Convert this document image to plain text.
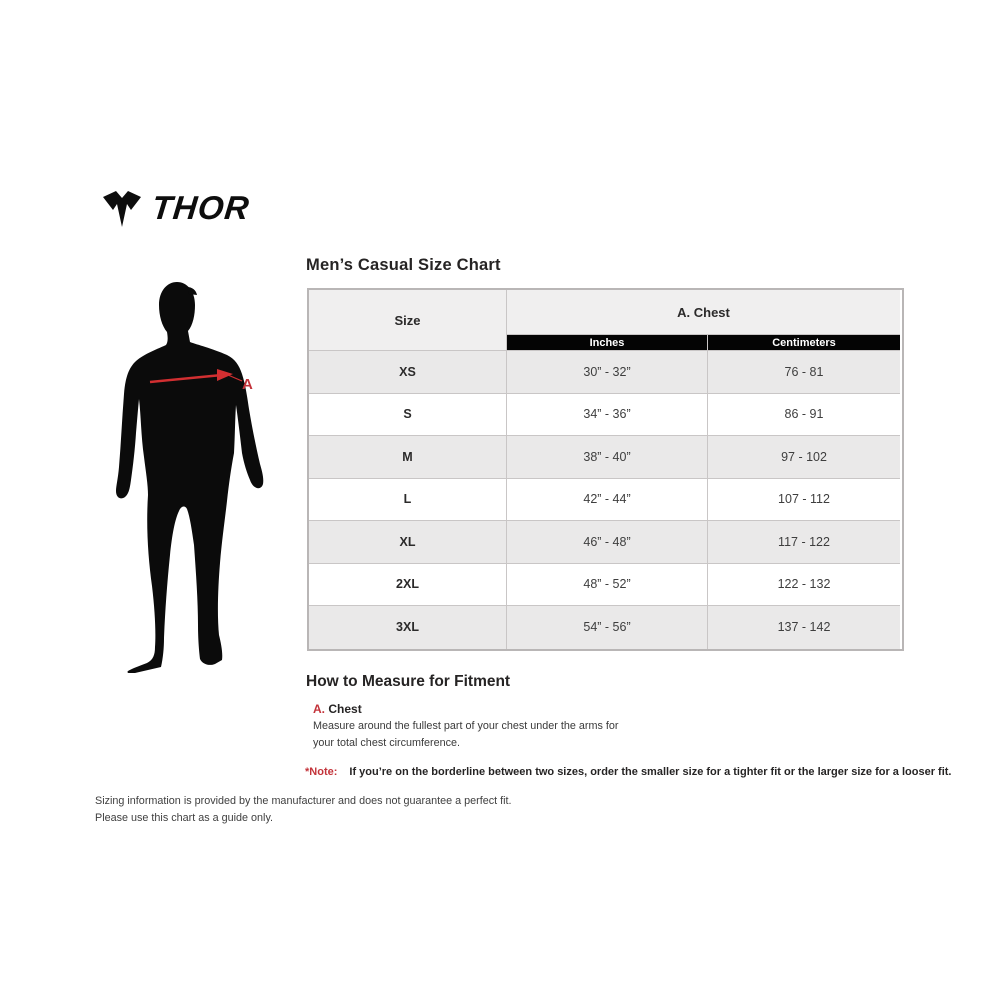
THOR
A
Men’s Casual Size Chart
Size
A. Chest
Inches	Centimeters
XS	30” - 32”	76 - 81
S	34” - 36”	86 - 91
M	38” - 40”	97 - 102
L	42” - 44”	107 - 112
XL	46” - 48”	117 - 122
2XL	48” - 52”	122 - 132
3XL	54” - 56”	137 - 142
How to Measure for Fitment
A. Chest
Measure around the fullest part of your chest under the arms for your total chest circumference.
*Note: If you’re on the borderline between two sizes, order the smaller size for a tighter fit or the larger size for a looser fit.
Sizing information is provided by the manufacturer and does not guarantee a perfect fit.
Please use this chart as a guide only.
